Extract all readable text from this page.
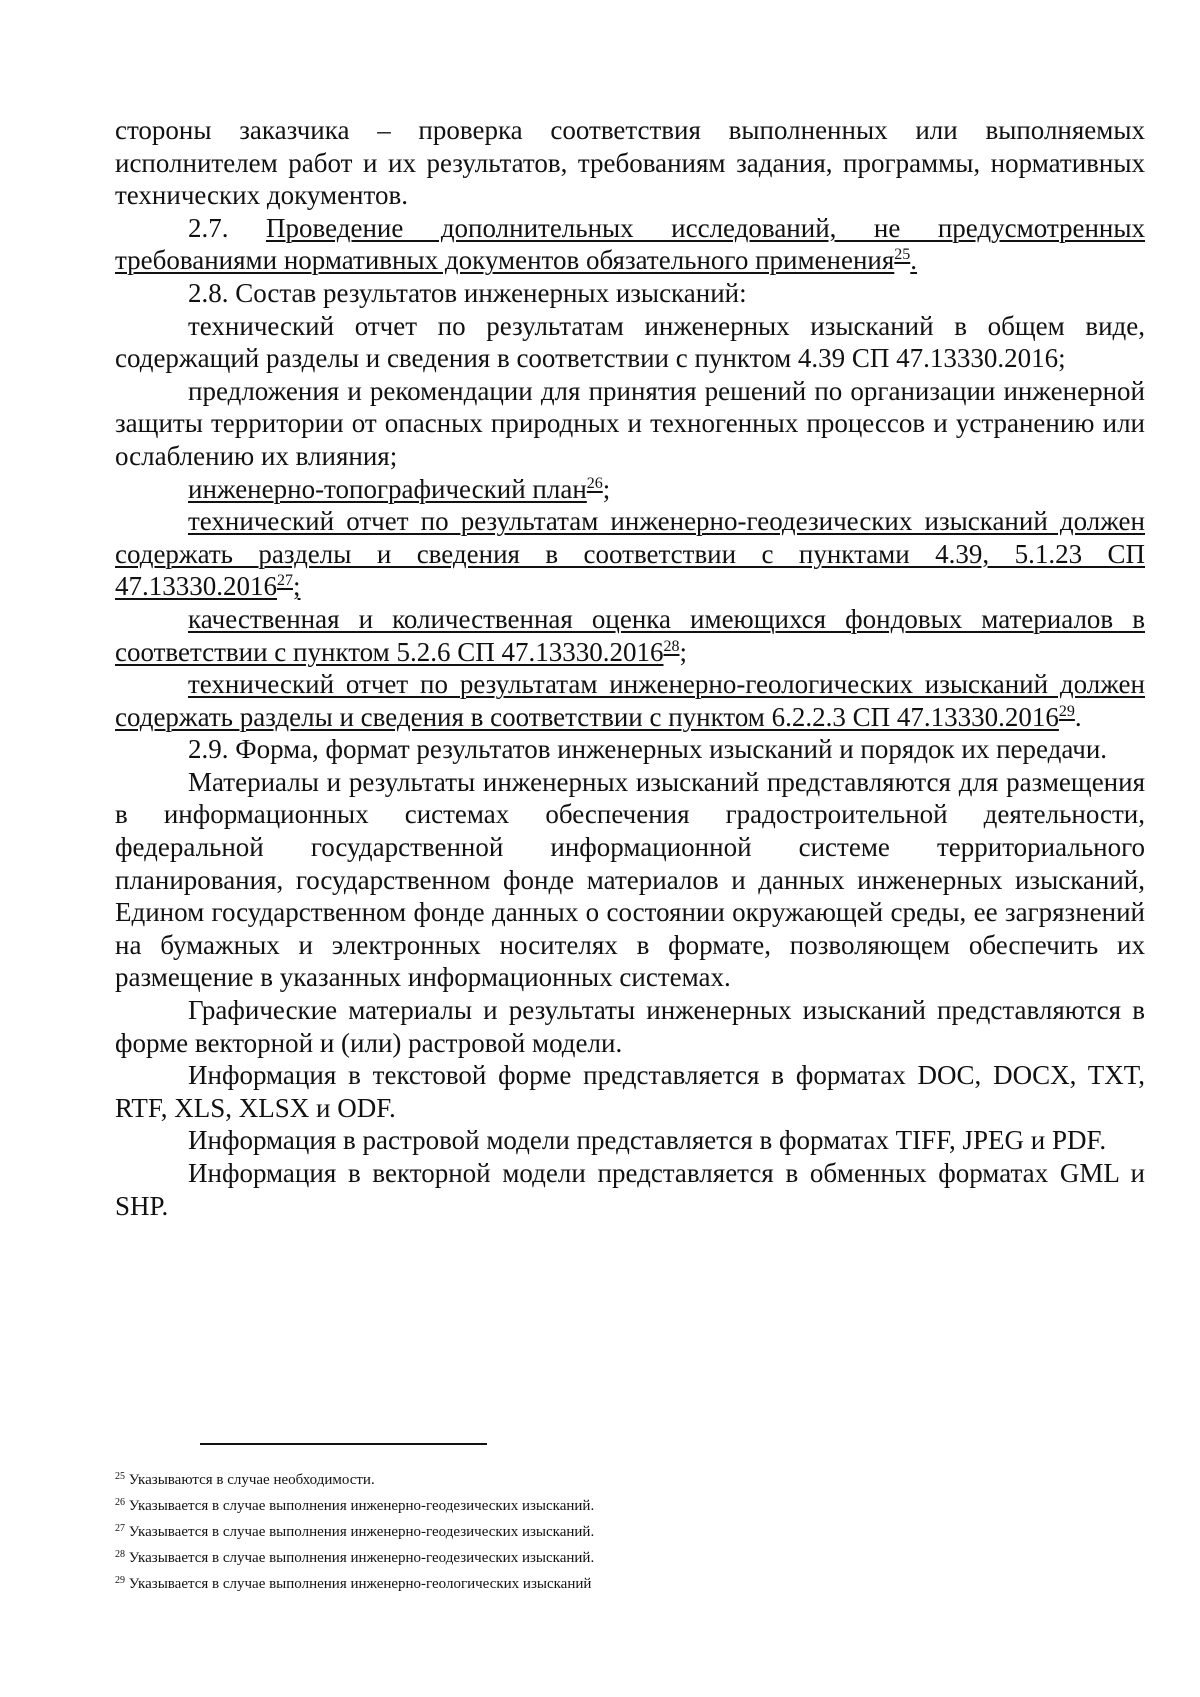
стороны заказчика – проверка соответствия выполненных или выполняемых исполнителем работ и их результатов, требованиям задания, программы, нормативных технических документов.

2.7. Проведение дополнительных исследований, не предусмотренных требованиями нормативных документов обязательного применения$^{25}$.

2.8. Состав результатов инженерных изысканий:

технический отчет по результатам инженерных изысканий в общем виде, содержащий разделы и сведения в соответствии с пунктом 4.39 СП 47.13330.2016;

предложения и рекомендации для принятия решений по организации инженерной защиты территории от опасных природных и техногенных процессов и устранению или ослаблению их влияния;

инженерно-топографический план$^{26}$;

технический отчет по результатам инженерно-геодезических изысканий должен содержать разделы и сведения в соответствии с пунктами 4.39, 5.1.23 СП 47.13330.2016$^{27}$;

качественная и количественная оценка имеющихся фондовых материалов в соответствии с пунктом 5.2.6 СП 47.13330.2016$^{28}$;

технический отчет по результатам инженерно-геологических изысканий должен содержать разделы и сведения в соответствии с пунктом 6.2.2.3 СП 47.13330.2016$^{29}$.

2.9. Форма, формат результатов инженерных изысканий и порядок их передачи.

Материалы и результаты инженерных изысканий представляются для размещения в информационных системах обеспечения градостроительной деятельности, федеральной государственной информационной системе территориального планирования, государственном фонде материалов и данных инженерных изысканий, Едином государственном фонде данных о состоянии окружающей среды, ее загрязнений на бумажных и электронных носителях в формате, позволяющем обеспечить их размещение в указанных информационных системах.

Графические материалы и результаты инженерных изысканий представляются в форме векторной и (или) растровой модели.

Информация в текстовой форме представляется в форматах DOC, DOCX, TXT, RTF, XLS, XLSX и ODF.

Информация в растровой модели представляется в форматах TIFF, JPEG и PDF.

Информация в векторной модели представляется в обменных форматах GML и SHP.

$^{25}$ Указываются в случае необходимости.
$^{26}$ Указывается в случае выполнения инженерно-геодезических изысканий.
$^{27}$ Указывается в случае выполнения инженерно-геодезических изысканий.
$^{28}$ Указывается в случае выполнения инженерно-геодезических изысканий.
$^{29}$ Указывается в случае выполнения инженерно-геологических изысканий
